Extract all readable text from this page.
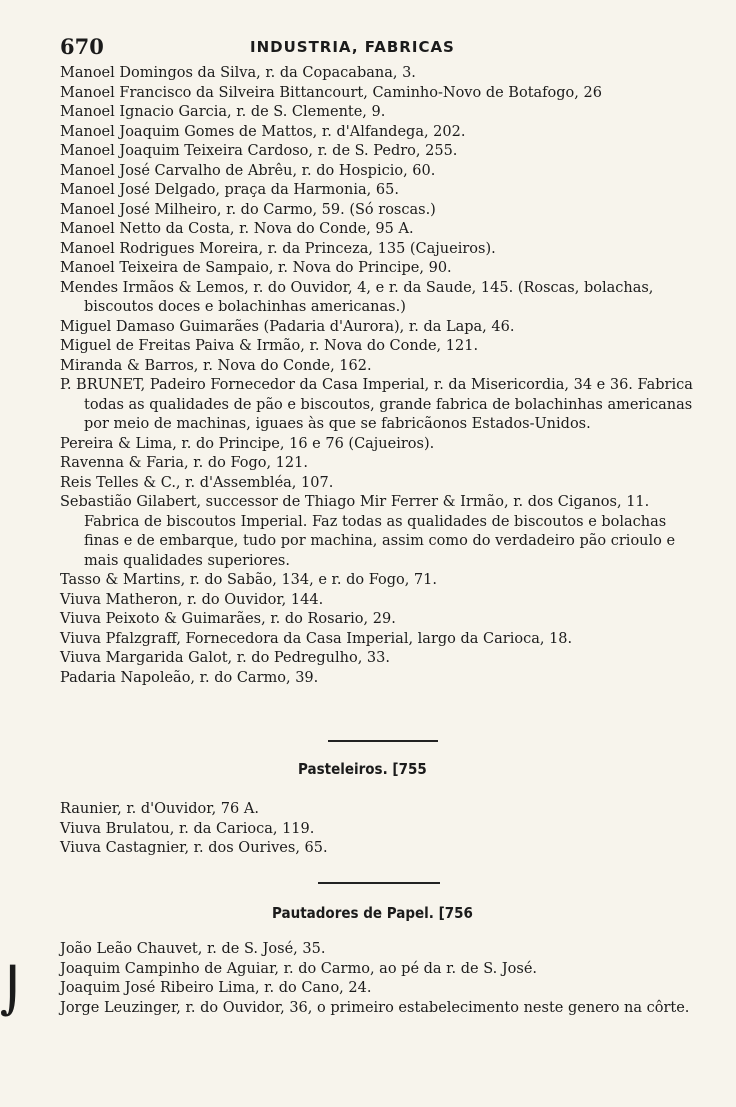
670	INDUSTRIA, FABRICAS

Manoel Domingos da Silva, r. da Copacabana, 3.

Manoel Francisco da Silveira Bittancourt, Caminho-Novo de Botafogo, 26

Manoel Ignacio Garcia, r. de S. Clemente, 9.

Manoel Joaquim Gomes de Mattos, r. d'Alfandega, 202.

Manoel Joaquim Teixeira Cardoso, r. de S. Pedro, 255.

Manoel José Carvalho de Abrêu, r. do Hospicio, 60.

Manoel José Delgado, praça da Harmonia, 65.

Manoel José Milheiro, r. do Carmo, 59. (Só roscas.)

Manoel Netto da Costa, r. Nova do Conde, 95 A.

Manoel Rodrigues Moreira, r. da Princeza, 135 (Cajueiros).

Manoel Teixeira de Sampaio, r. Nova do Principe, 90.

Mendes Irmãos & Lemos, r. do Ouvidor, 4, e r. da Saude, 145. (Roscas, bolachas, biscoutos doces e bolachinhas americanas.)

Miguel Damaso Guimarães (Padaria d'Aurora), r. da Lapa, 46.

Miguel de Freitas Paiva & Irmão, r. Nova do Conde, 121.

Miranda & Barros, r. Nova do Conde, 162.

P. BRUNET, Padeiro Fornecedor da Casa Imperial, r. da Misericordia, 34 e 36. Fabrica todas as qualidades de pão e biscoutos, grande fabrica de bolachinhas americanas por meio de machinas, iguaes às que se fabricãonos Estados-Unidos.

Pereira & Lima, r. do Principe, 16 e 76 (Cajueiros).

Ravenna & Faria, r. do Fogo, 121.

Reis Telles & C., r. d'Assembléa, 107.

Sebastião Gilabert, successor de Thiago Mir Ferrer & Irmão, r. dos Ciganos, 11. Fabrica de biscoutos Imperial. Faz todas as qualidades de biscoutos e bolachas finas e de embarque, tudo por machina, assim como do verdadeiro pão crioulo e mais qualidades superiores.

Tasso & Martins, r. do Sabão, 134, e r. do Fogo, 71.

Viuva Matheron, r. do Ouvidor, 144.

Viuva Peixoto & Guimarães, r. do Rosario, 29.

Viuva Pfalzgraff, Fornecedora da Casa Imperial, largo da Carioca, 18.

Viuva Margarida Galot, r. do Pedregulho, 33.

Padaria Napoleão, r. do Carmo, 39.

Pasteleiros. [755

Raunier, r. d'Ouvidor, 76 A.

Viuva Brulatou, r. da Carioca, 119.

Viuva Castagnier, r. dos Ourives, 65.

Pautadores de Papel. [756

João Leão Chauvet, r. de S. José, 35.

Joaquim Campinho de Aguiar, r. do Carmo, ao pé da r. de S. José.

Joaquim José Ribeiro Lima, r. do Cano, 24.

Jorge Leuzinger, r. do Ouvidor, 36, o primeiro estabelecimento neste genero na côrte.

⌡
